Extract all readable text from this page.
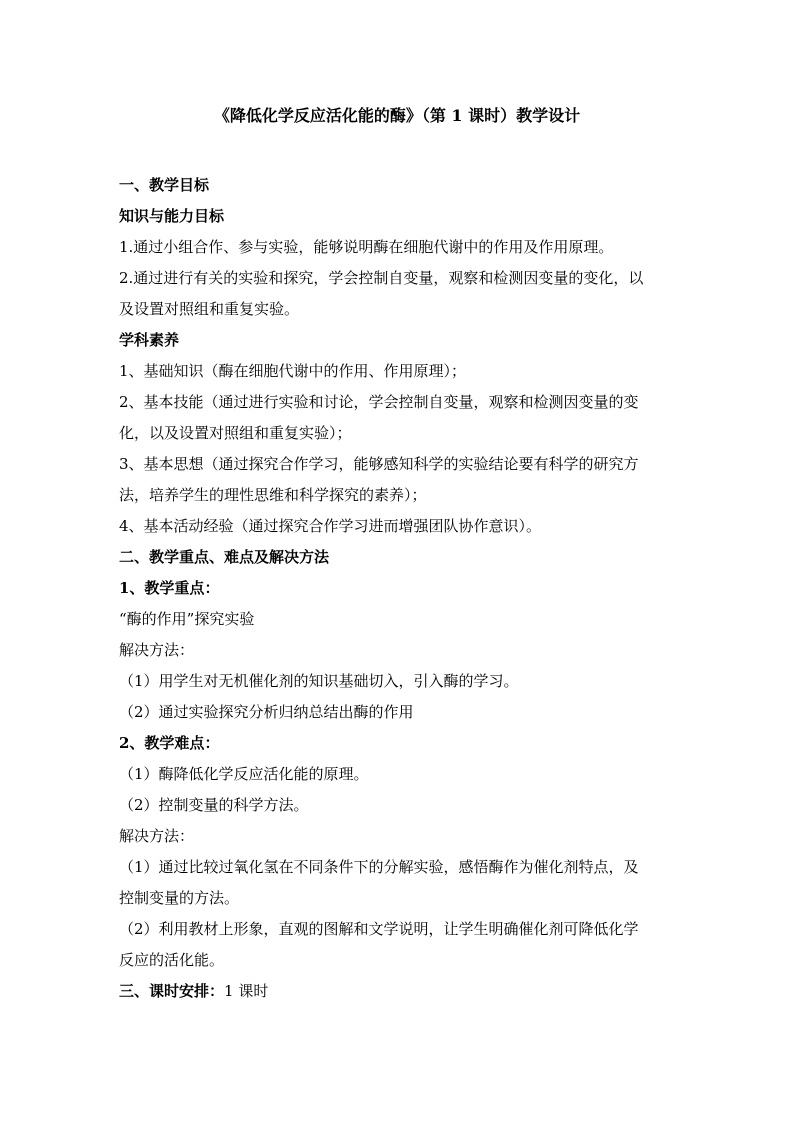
《降低化学反应活化能的酶》（第 1 课时）教学设计
一、教学目标
知识与能力目标
1.通过小组合作、参与实验，能够说明酶在细胞代谢中的作用及作用原理。
2.通过进行有关的实验和探究，学会控制自变量，观察和检测因变量的变化，以
及设置对照组和重复实验。
学科素养
1、基础知识（酶在细胞代谢中的作用、作用原理）；
2、基本技能（通过进行实验和讨论，学会控制自变量，观察和检测因变量的变
化，以及设置对照组和重复实验）；
3、基本思想（通过探究合作学习，能够感知科学的实验结论要有科学的研究方
法，培养学生的理性思维和科学探究的素养）；
4、基本活动经验（通过探究合作学习进而增强团队协作意识）。
二、教学重点、难点及解决方法
1、教学重点：
“酶的作用”探究实验
解决方法：
（1）用学生对无机催化剂的知识基础切入，引入酶的学习。
（2）通过实验探究分析归纳总结出酶的作用
2、教学难点：
（1）酶降低化学反应活化能的原理。
（2）控制变量的科学方法。
解决方法：
（1）通过比较过氧化氢在不同条件下的分解实验，感悟酶作为催化剂特点，及
控制变量的方法。
（2）利用教材上形象，直观的图解和文学说明，让学生明确催化剂可降低化学
反应的活化能。
三、课时安排：1 课时
